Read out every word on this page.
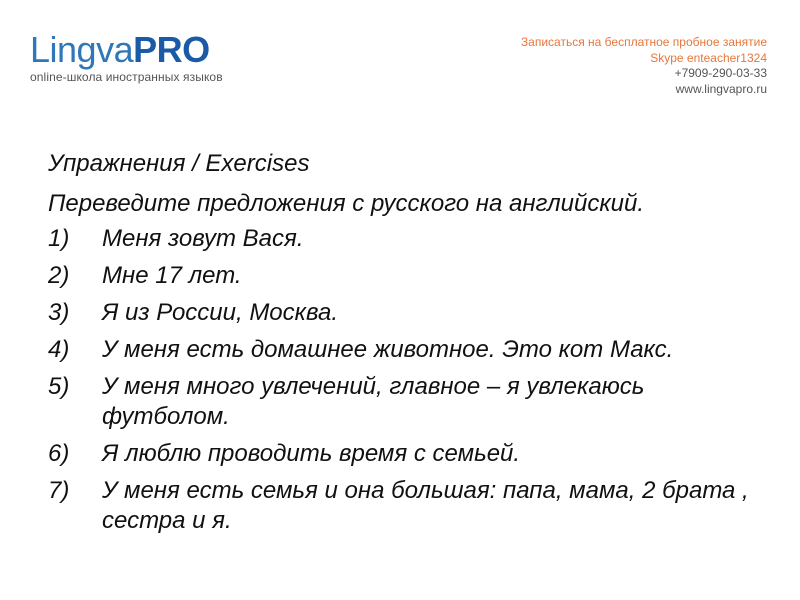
LingvaPRO
online-школа иностранных языков
Записаться на бесплатное пробное занятие
Skype enteacher1324
+7909-290-03-33
www.lingvapro.ru
Упражнения / Exercises
Переведите предложения с русского на английский.
1) Меня зовут Вася.
2) Мне 17 лет.
3) Я из России, Москва.
4) У меня есть домашнее животное. Это кот Макс.
5) У меня много увлечений, главное – я увлекаюсь футболом.
6) Я люблю проводить время с семьей.
7) У меня есть семья и она большая: папа, мама, 2 брата , сестра и я.
